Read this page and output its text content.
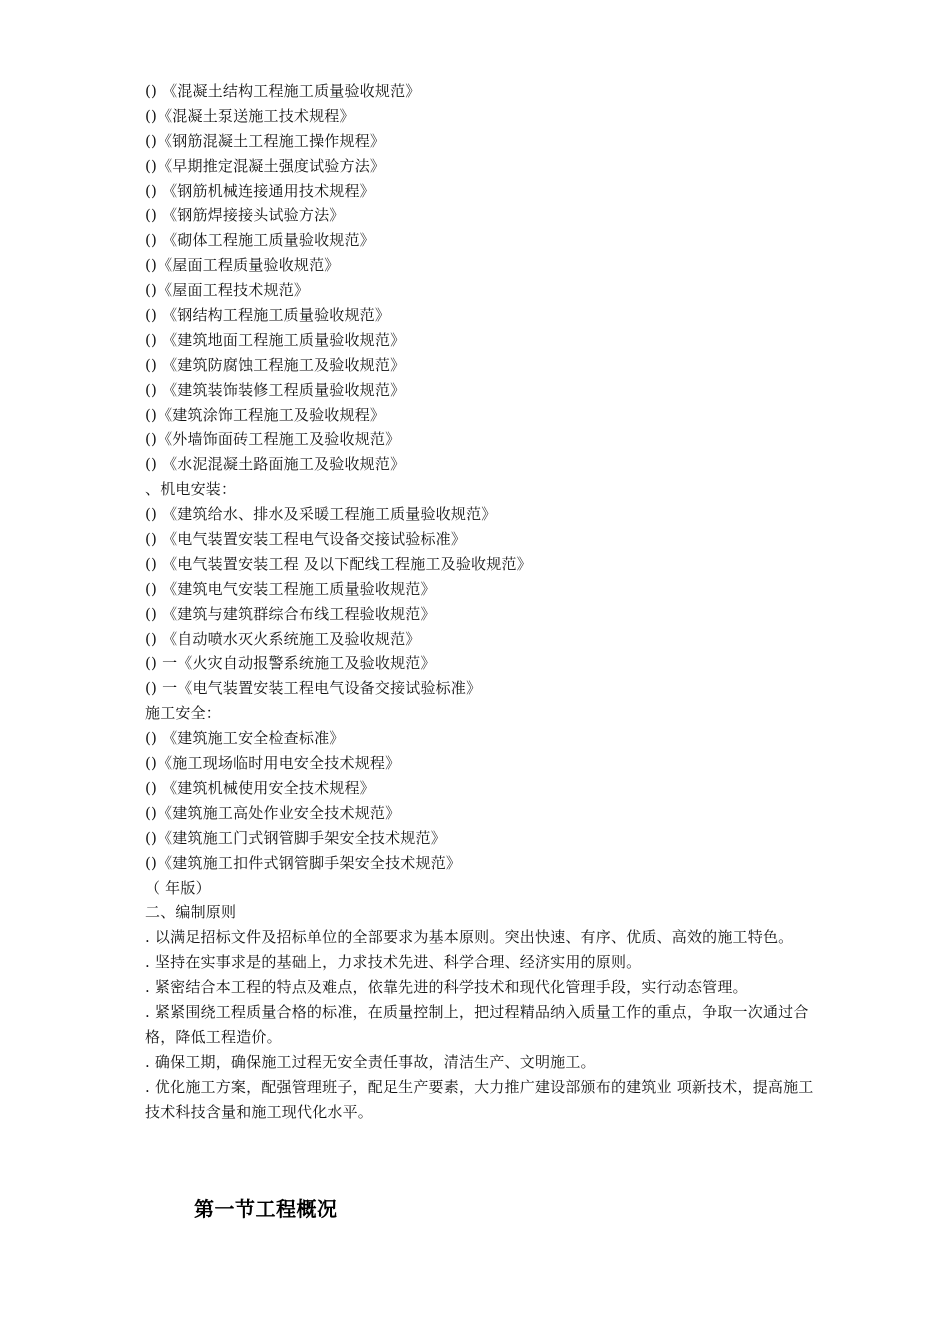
() 《混凝土结构工程施工质量验收规范》
()《混凝土泵送施工技术规程》
()《钢筋混凝土工程施工操作规程》
()《早期推定混凝土强度试验方法》
() 《钢筋机械连接通用技术规程》
() 《钢筋焊接接头试验方法》
() 《砌体工程施工质量验收规范》
()《屋面工程质量验收规范》
()《屋面工程技术规范》
() 《钢结构工程施工质量验收规范》
() 《建筑地面工程施工质量验收规范》
() 《建筑防腐蚀工程施工及验收规范》
() 《建筑装饰装修工程质量验收规范》
()《建筑涂饰工程施工及验收规程》
()《外墙饰面砖工程施工及验收规范》
() 《水泥混凝土路面施工及验收规范》
、机电安装：
() 《建筑给水、排水及采暖工程施工质量验收规范》
() 《电气装置安装工程电气设备交接试验标准》
() 《电气装置安装工程 及以下配线工程施工及验收规范》
() 《建筑电气安装工程施工质量验收规范》
() 《建筑与建筑群综合布线工程验收规范》
() 《自动喷水灭火系统施工及验收规范》
() 一《火灾自动报警系统施工及验收规范》
() 一《电气装置安装工程电气设备交接试验标准》
施工安全：
() 《建筑施工安全检查标准》
()《施工现场临时用电安全技术规程》
() 《建筑机械使用安全技术规程》
()《建筑施工高处作业安全技术规范》
()《建筑施工门式钢管脚手架安全技术规范》
()《建筑施工扣件式钢管脚手架安全技术规范》
（ 年版）
二、编制原则
. 以满足招标文件及招标单位的全部要求为基本原则。突出快速、有序、优质、高效的施工特色。
. 坚持在实事求是的基础上，力求技术先进、科学合理、经济实用的原则。
. 紧密结合本工程的特点及难点，依靠先进的科学技术和现代化管理手段，实行动态管理。
. 紧紧围绕工程质量合格的标准，在质量控制上，把过程精品纳入质量工作的重点，争取一次通过合格，降低工程造价。
. 确保工期，确保施工过程无安全责任事故，清洁生产、文明施工。
. 优化施工方案，配强管理班子，配足生产要素，大力推广建设部颁布的建筑业 项新技术，提高施工技术科技含量和施工现代化水平。
第一节工程概况
